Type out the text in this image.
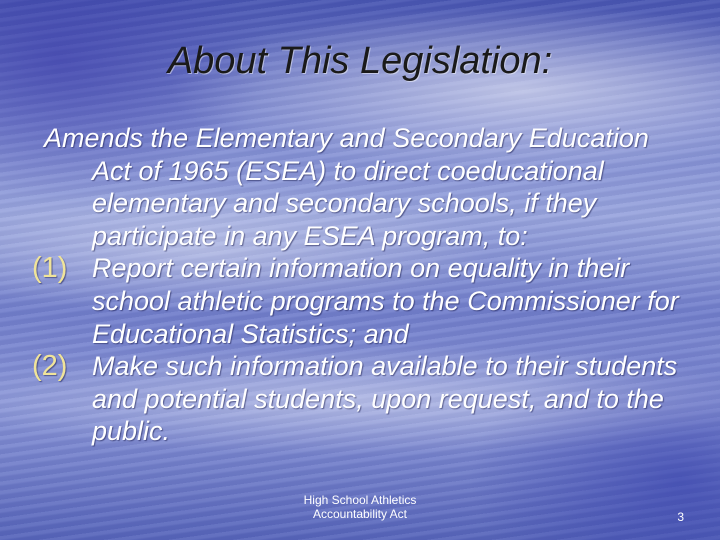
About This Legislation:

Amends the Elementary and Secondary Education Act of 1965 (ESEA) to direct coeducational elementary and secondary schools, if they participate in any ESEA program, to:

(1) Report certain information on equality in their school athletic programs to the Commissioner for Educational Statistics; and

(2) Make such information available to their students and potential students, upon request, and to the public.

High School Athletics
Accountability Act	3
